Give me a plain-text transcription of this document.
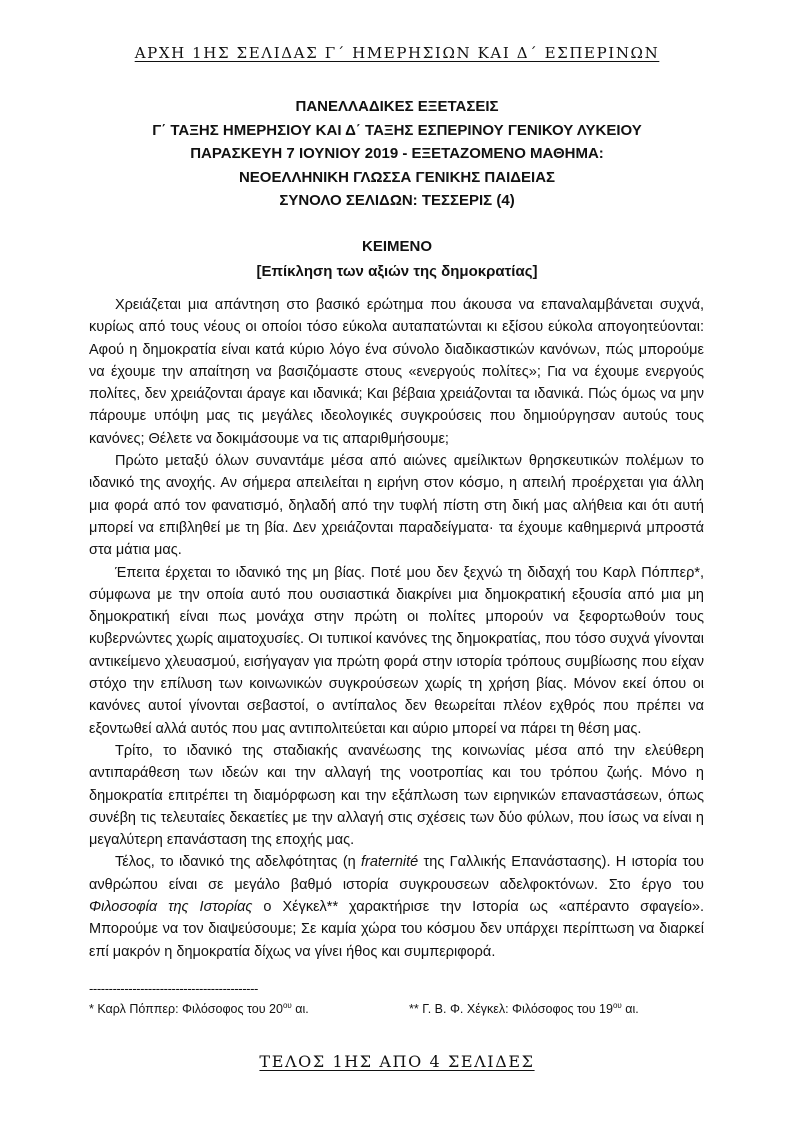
ΑΡΧΗ 1ΗΣ ΣΕΛΙΔΑΣ Γ΄ ΗΜΕΡΗΣΙΩΝ ΚΑΙ Δ΄ ΕΣΠΕΡΙΝΩΝ
ΠΑΝΕΛΛΑΔΙΚΕΣ ΕΞΕΤΑΣΕΙΣ
Γ΄ ΤΑΞΗΣ ΗΜΕΡΗΣΙΟΥ ΚΑΙ Δ΄ ΤΑΞΗΣ ΕΣΠΕΡΙΝΟΥ ΓΕΝΙΚΟΥ ΛΥΚΕΙΟΥ
ΠΑΡΑΣΚΕΥΗ 7 ΙΟΥΝΙΟΥ 2019 - ΕΞΕΤΑΖΟΜΕΝΟ ΜΑΘΗΜΑ:
ΝΕΟΕΛΛΗΝΙΚΗ ΓΛΩΣΣΑ ΓΕΝΙΚΗΣ ΠΑΙΔΕΙΑΣ
ΣΥΝΟΛΟ ΣΕΛΙΔΩΝ: ΤΕΣΣΕΡΙΣ (4)
ΚΕΙΜΕΝΟ
[Επίκληση των αξιών της δημοκρατίας]

Χρειάζεται μια απάντηση στο βασικό ερώτημα που άκουσα να επαναλαμβάνεται συχνά, κυρίως από τους νέους οι οποίοι τόσο εύκολα αυταπατώνται κι εξίσου εύκολα απογοητεύονται: Αφού η δημοκρατία είναι κατά κύριο λόγο ένα σύνολο διαδικαστικών κανόνων, πώς μπορούμε να έχουμε την απαίτηση να βασιζόμαστε στους «ενεργούς πολίτες»; Για να έχουμε ενεργούς πολίτες, δεν χρειάζονται άραγε και ιδανικά; Και βέβαια χρειάζονται τα ιδανικά. Πώς όμως να μην πάρουμε υπόψη μας τις μεγάλες ιδεολογικές συγκρούσεις που δημιούργησαν αυτούς τους κανόνες; Θέλετε να δοκιμάσουμε να τις απαριθμήσουμε;

Πρώτο μεταξύ όλων συναντάμε μέσα από αιώνες αμείλικτων θρησκευτικών πολέμων το ιδανικό της ανοχής. Αν σήμερα απειλείται η ειρήνη στον κόσμο, η απειλή προέρχεται για άλλη μια φορά από τον φανατισμό, δηλαδή από την τυφλή πίστη στη δική μας αλήθεια και ότι αυτή μπορεί να επιβληθεί με τη βία. Δεν χρειάζονται παραδείγματα· τα έχουμε καθημερινά μπροστά στα μάτια μας.

Έπειτα έρχεται το ιδανικό της μη βίας. Ποτέ μου δεν ξεχνώ τη διδαχή του Καρλ Πόππερ*, σύμφωνα με την οποία αυτό που ουσιαστικά διακρίνει μια δημοκρατική εξουσία από μια μη δημοκρατική είναι πως μονάχα στην πρώτη οι πολίτες μπορούν να ξεφορτωθούν τους κυβερνώντες χωρίς αιματοχυσίες. Οι τυπικοί κανόνες της δημοκρατίας, που τόσο συχνά γίνονται αντικείμενο χλευασμού, εισήγαγαν για πρώτη φορά στην ιστορία τρόπους συμβίωσης που είχαν στόχο την επίλυση των κοινωνικών συγκρούσεων χωρίς τη χρήση βίας. Μόνον εκεί όπου οι κανόνες αυτοί γίνονται σεβαστοί, ο αντίπαλος δεν θεωρείται πλέον εχθρός που πρέπει να εξοντωθεί αλλά αυτός που μας αντιπολιτεύεται και αύριο μπορεί να πάρει τη θέση μας.

Τρίτο, το ιδανικό της σταδιακής ανανέωσης της κοινωνίας μέσα από την ελεύθερη αντιπαράθεση των ιδεών και την αλλαγή της νοοτροπίας και του τρόπου ζωής. Μόνο η δημοκρατία επιτρέπει τη διαμόρφωση και την εξάπλωση των ειρηνικών επαναστάσεων, όπως συνέβη τις τελευταίες δεκαετίες με την αλλαγή στις σχέσεις των δύο φύλων, που ίσως να είναι η μεγαλύτερη επανάσταση της εποχής μας.

Τέλος, το ιδανικό της αδελφότητας (η fraternité της Γαλλικής Επανάστασης). Η ιστορία του ανθρώπου είναι σε μεγάλο βαθμό ιστορία συγκρουσεων αδελφοκτόνων. Στο έργο του Φιλοσοφία της Ιστορίας ο Χέγκελ** χαρακτήρισε την Ιστορία ως «απέραντο σφαγείο». Μπορούμε να τον διαψεύσουμε; Σε καμία χώρα του κόσμου δεν υπάρχει περίπτωση να διαρκεί επί μακρόν η δημοκρατία δίχως να γίνει ήθος και συμπεριφορά.

-------------------------------------------
* Καρλ Πόππερ: Φιλόσοφος του $20^{o\upsilon}$ αι.	** Γ. Β. Φ. Χέγκελ: Φιλόσοφος του $19^{o\upsilon}$ αι.
ΤΕΛΟΣ 1ΗΣ ΑΠΟ 4 ΣΕΛΙΔΕΣ
